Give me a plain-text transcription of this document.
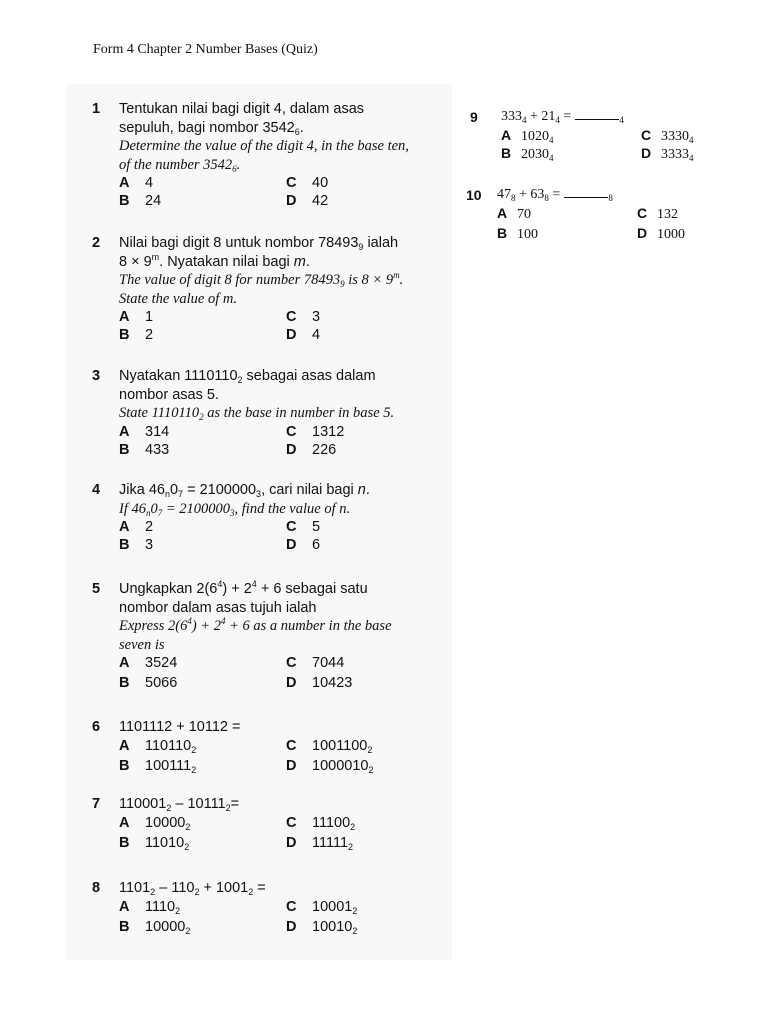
Form 4 Chapter 2 Number Bases (Quiz)
1 Tentukan nilai bagi digit 4, dalam asas
sepuluh, bagi nombor $3542_6$.
Determine the value of the digit 4, in the base ten,
of the number $3542_6$.
A 4
B 24
C 40
D 42
2 Nilai bagi digit 8 untuk nombor $78493_9$ ialah
$8 \times 9^m$. Nyatakan nilai bagi m.
The value of digit 8 for number $78493_9$ is $8 \times 9^m$.
State the value of m.
A 1
B 2
C 3
D 4
3 Nyatakan $1110110_2$ sebagai asas dalam
nombor asas 5.
State $1110110_2$ as the base in number in base 5.
A 314
B 433
C 1312
D 226
4 Jika $46_n0_7 = 2100000_3$, cari nilai bagi n.
If $46_n0_7 = 2100000_3$, find the value of n.
A 2
B 3
C 5
D 6
5 Ungkapkan $2(6^4) + 2^4 + 6$ sebagai satu
nombor dalam asas tujuh ialah
Express $2(6^4) + 2^4 + 6$ as a number in the base
seven is
A 3524
B 5066
C 7044
D 10423
6 1101112 + 10112 =
A $110110_2$
B $100111_2$
C $1001100_2$
D $1000010_2$
7 $110001_2 - 10111_2=$
A $10000_2$
B $11010_2$
C $11100_2$
D $11111_2$
8 $1101_2 - 110_2 + 1001_2$ =
A $1110_2$
B $10000_2$
C $10001_2$
D $10010_2$
9 $333_4 + 21_4$ =	$_4$
A $1020_4$
B $2030_4$
C $3330_4$
D $3333_4$
10 $47_8 + 63_8$ =	$_8$
A 70
B 100
C 132
D 1000
